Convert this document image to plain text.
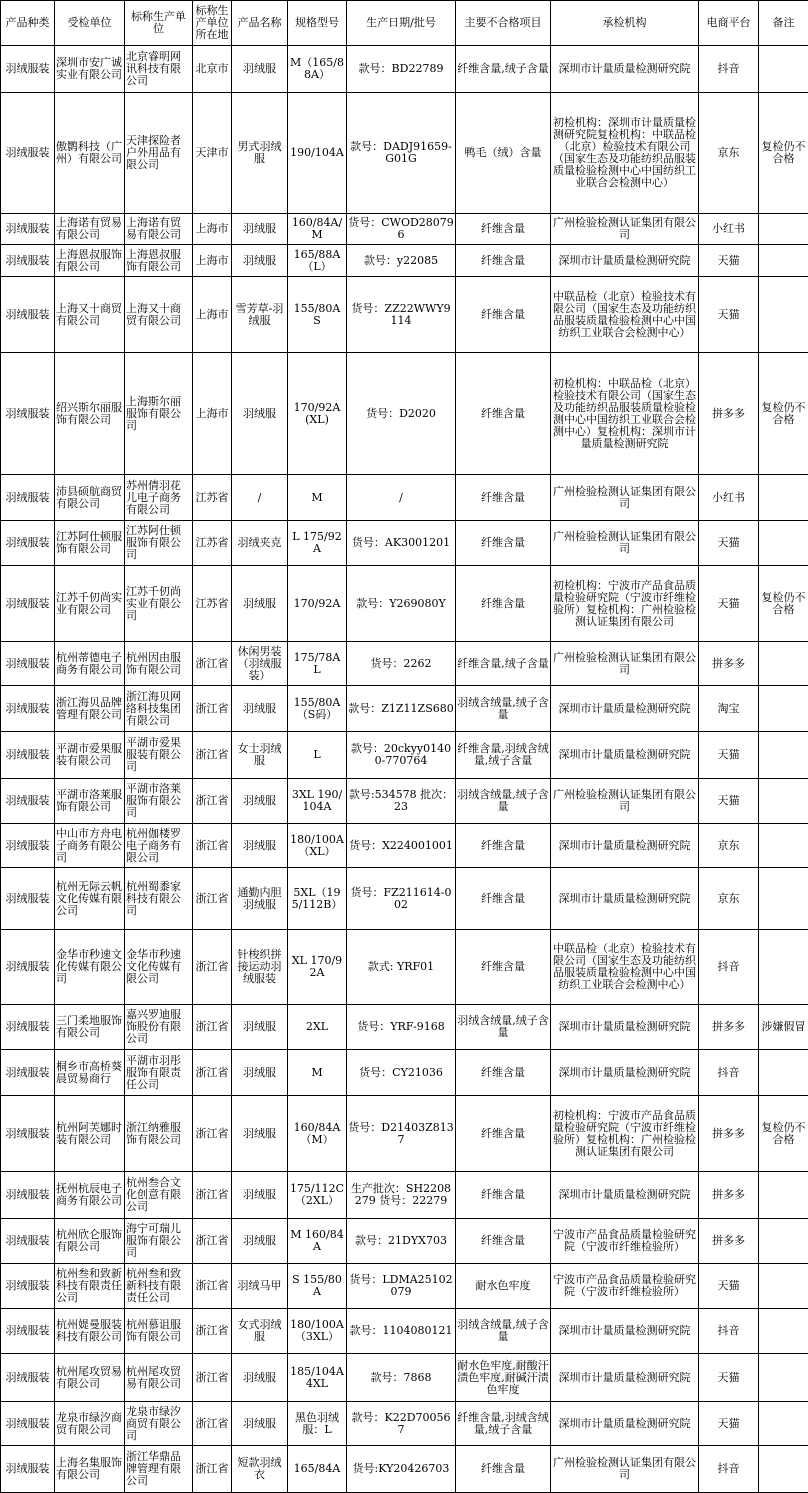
产品种类	受检单位	标称生产单位	标称生产单位所在地	产品名称	规格型号	生产日期/批号	主要不合格项目	承检机构	电商平台	备注
羽绒服装	深圳市安广诚实业有限公司	北京睿明网讯科技有限公司	北京市	羽绒服	M（165/88A）	款号：BD22789	纤维含量,绒子含量	深圳市计量质量检测研究院	抖音	
羽绒服装	傲鹮科技（广州）有限公司	天津探险者户外用品有限公司	天津市	男式羽绒服	190/104A	款号：DADJ91659-G01G	鸭毛（绒）含量	初检机构：深圳市计量质量检测研究院复检机构：中联品检（北京）检验技术有限公司（国家生态及功能纺织品服装质量检验检测中心中国纺织工业联合会检测中心）	京东	复检仍不合格
羽绒服装	上海诺有贸易有限公司	上海诺有贸易有限公司	上海市	羽绒服	160/84A/M	货号：CWOD280796	纤维含量	广州检验检测认证集团有限公司	小红书	
羽绒服装	上海恩叔服饰有限公司	上海恩叔服饰有限公司	上海市	羽绒服	165/88A（L）	款号：y22085	纤维含量	深圳市计量质量检测研究院	天猫	
羽绒服装	上海又十商贸有限公司	上海又十商贸有限公司	上海市	雪芳草-羽绒服	155/80A S	货号：ZZ22WWY9114	纤维含量	中联品检（北京）检验技术有限公司（国家生态及功能纺织品服装质量检验检测中心中国纺织工业联合会检测中心）	天猫	
羽绒服装	绍兴斯尔丽服饰有限公司	上海斯尔丽服饰有限公司	上海市	羽绒服	170/92A(XL)	货号：D2020	纤维含量	初检机构：中联品检（北京）检验技术有限公司（国家生态及功能纺织品服装质量检验检测中心中国纺织工业联合会检测中心）复检机构：深圳市计量质量检测研究院	拼多多	复检仍不合格
羽绒服装	沛县硕航商贸有限公司	苏州倩羽花儿电子商务有限公司	江苏省	/	M	/	纤维含量	广州检验检测认证集团有限公司	小红书	
羽绒服装	江苏阿仕顿服饰有限公司	江苏阿仕顿服饰有限公司	江苏省	羽绒夹克	L 175/92A	货号：AK3001201	纤维含量	广州检验检测认证集团有限公司	天猫	
羽绒服装	江苏千仞尚实业有限公司	江苏千仞尚实业有限公司	江苏省	羽绒服	170/92A	款号：Y269080Y	纤维含量	初检机构：宁波市产品食品质量检验研究院（宁波市纤维检验所）复检机构：广州检验检测认证集团有限公司	天猫	复检仍不合格
羽绒服装	杭州蒂德电子商务有限公司	杭州因由服饰有限公司	浙江省	休闲男装（羽绒服装）	175/78A L	货号：2262	纤维含量,绒子含量	广州检验检测认证集团有限公司	拼多多	
羽绒服装	浙江海贝品牌管理有限公司	浙江海贝网络科技集团有限公司	浙江省	羽绒服	155/80A（S码）	款号：Z1Z11ZS680	羽绒含绒量,绒子含量	深圳市计量质量检测研究院	淘宝	
羽绒服装	平湖市爱果服装有限公司	平湖市爱果服装有限公司	浙江省	女士羽绒服	L	款号：20ckyy01400-770764	纤维含量,羽绒含绒量,绒子含量	深圳市计量质量检测研究院	天猫	
羽绒服装	平湖市洛莱服饰有限公司	平湖市洛莱服饰有限公司	浙江省	羽绒服	3XL 190/104A	款号:534578 批次：23	羽绒含绒量,绒子含量	广州检验检测认证集团有限公司	天猫	
羽绒服装	中山市方舟电子商务有限公司	杭州伽楼罗电子商务有限公司	浙江省	羽绒服	180/100A（XL）	货号：X224001001	纤维含量	深圳市计量质量检测研究院	京东	
羽绒服装	杭州无际云帆文化传媒有限公司	杭州蜀黍家科技有限公司	浙江省	通勤内胆羽绒服	5XL（195/112B）	货号：FZ211614-002	纤维含量	深圳市计量质量检测研究院	京东	
羽绒服装	金华市秒速文化传媒有限公司	金华市秒速文化传媒有限公司	浙江省	针梭织拼接运动羽绒服装	XL 170/92A	款式: YRF01	纤维含量	中联品检（北京）检验技术有限公司（国家生态及功能纺织品服装质量检验检测中心中国纺织工业联合会检测中心）	抖音	
羽绒服装	三门柔地服饰有限公司	嘉兴罗迪服饰股份有限公司	浙江省	羽绒服	2XL	货号：YRF-9168	羽绒含绒量,绒子含量	深圳市计量质量检测研究院	拼多多	涉嫌假冒
羽绒服装	桐乡市高桥葵晨贸易商行	平湖市羽彤服饰有限责任公司	浙江省	羽绒服	M	货号：CY21036	纤维含量	深圳市计量质量检测研究院	抖音	
羽绒服装	杭州阿芙娜时装有限公司	浙江纳雅服饰有限公司	浙江省	羽绒服	160/84A（M）	货号：D21403Z8137	纤维含量	初检机构：宁波市产品食品质量检验研究院（宁波市纤维检验所）复检机构：广州检验检测认证集团有限公司	拼多多	复检仍不合格
羽绒服装	抚州杭辰电子商务有限公司	杭州叁合文化创意有限公司	浙江省	羽绒服	175/112C（2XL）	生产批次：SH2208279 货号：22279	纤维含量	深圳市计量质量检测研究院	拼多多	
羽绒服装	杭州欣仑服饰有限公司	海宁可瑞儿服饰有限公司	浙江省	羽绒服	M 160/84A	款号：21DYX703	纤维含量	宁波市产品食品质量检验研究院（宁波市纤维检验所）	拼多多	
羽绒服装	杭州叁和致新科技有限责任公司	杭州叁和致新科技有限责任公司	浙江省	羽绒马甲	S 155/80A	货号：LDMA25102079	耐水色牢度	宁波市产品食品质量检验研究院（宁波市纤维检验所）	天猫	
羽绒服装	杭州媞曼服装科技有限公司	杭州慕诅服饰有限公司	浙江省	女式羽绒服	180/100A（3XL）	款号：1104080121	羽绒含绒量,绒子含量	深圳市计量质量检测研究院	抖音	
羽绒服装	杭州尾攻贸易有限公司	杭州尾攻贸易有限公司	浙江省	羽绒服	185/104A 4XL	款号：7868	耐水色牢度,耐酸汗渍色牢度,耐碱汗渍色牢度	深圳市计量质量检测研究院	天猫	
羽绒服装	龙泉市绿汐商贸有限公司	龙泉市绿汐商贸有限公司	浙江省	羽绒服	黑色羽绒服：L	款号：K22D700567	纤维含量,羽绒含绒量,绒子含量	深圳市计量质量检测研究院	天猫	
羽绒服装	上海名集服饰有限公司	浙江华鼎品牌管理有限公司	浙江省	短款羽绒衣	165/84A	货号:KY20426703	纤维含量	广州检验检测认证集团有限公司	抖音	
